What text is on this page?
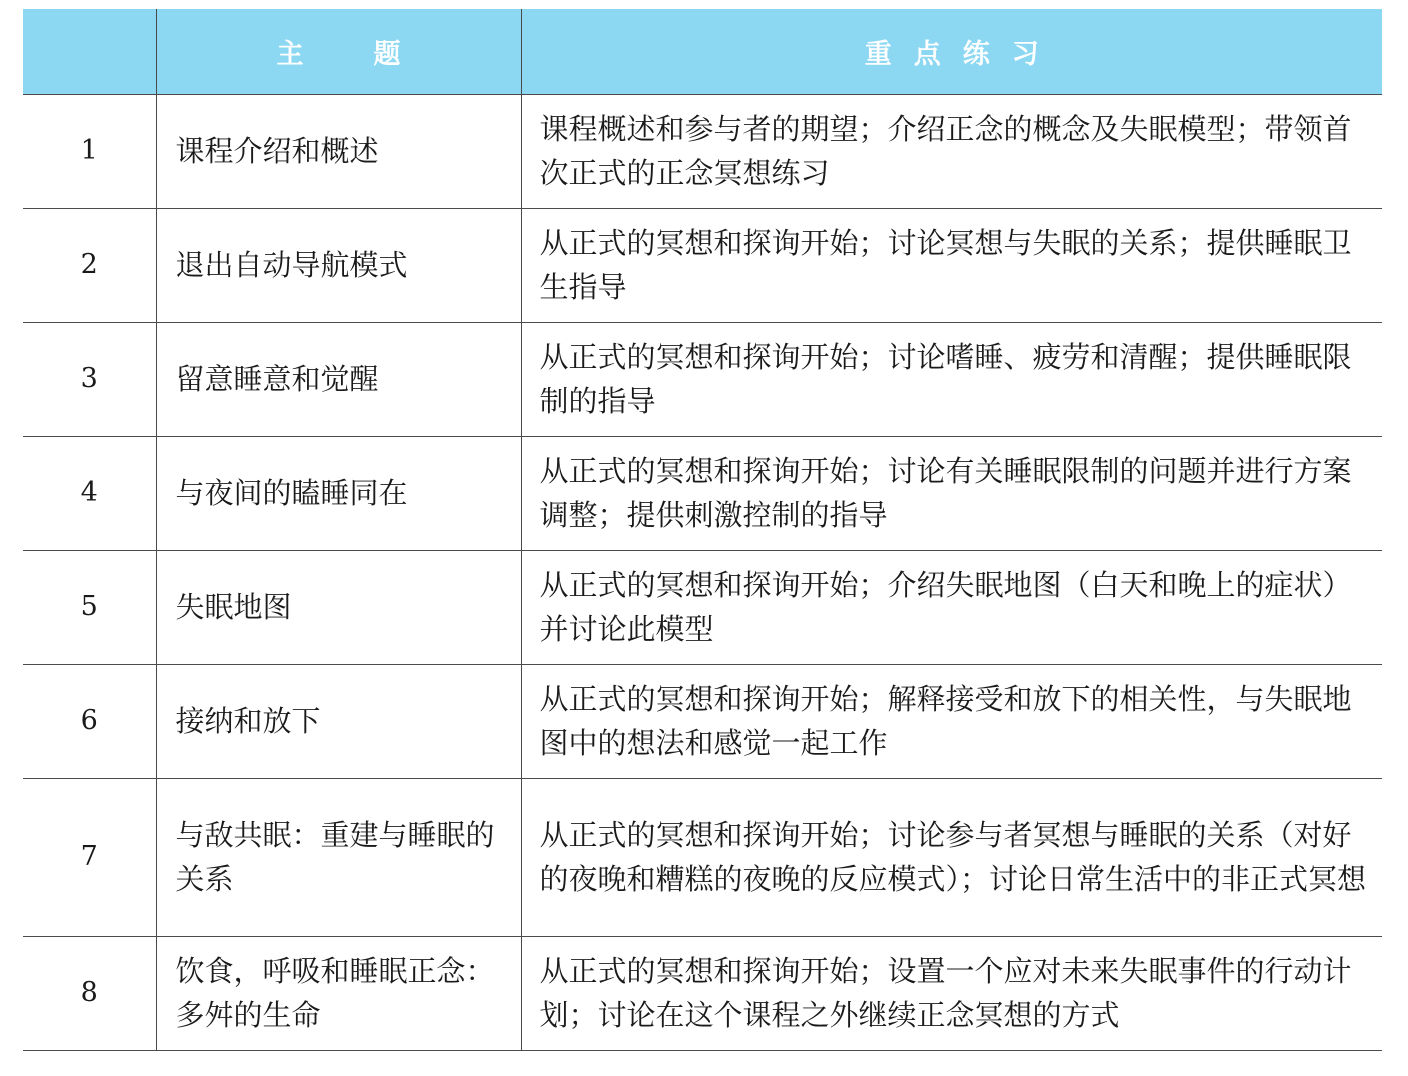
	主 题	重点练习
1	课程介绍和概述	课程概述和参与者的期望；介绍正念的概念及失眠模型；带领首次正式的正念冥想练习
2	退出自动导航模式	从正式的冥想和探询开始；讨论冥想与失眠的关系；提供睡眠卫生指导
3	留意睡意和觉醒	从正式的冥想和探询开始；讨论嗜睡、疲劳和清醒；提供睡眠限制的指导
4	与夜间的瞌睡同在	从正式的冥想和探询开始；讨论有关睡眠限制的问题并进行方案调整；提供刺激控制的指导
5	失眠地图	从正式的冥想和探询开始；介绍失眠地图（白天和晚上的症状）并讨论此模型
6	接纳和放下	从正式的冥想和探询开始；解释接受和放下的相关性，与失眠地图中的想法和感觉一起工作
7	与敌共眠：重建与睡眠的关系	从正式的冥想和探询开始；讨论参与者冥想与睡眠的关系（对好的夜晚和糟糕的夜晚的反应模式）；讨论日常生活中的非正式冥想
8	饮食，呼吸和睡眠正念：多舛的生命	从正式的冥想和探询开始；设置一个应对未来失眠事件的行动计划；讨论在这个课程之外继续正念冥想的方式
